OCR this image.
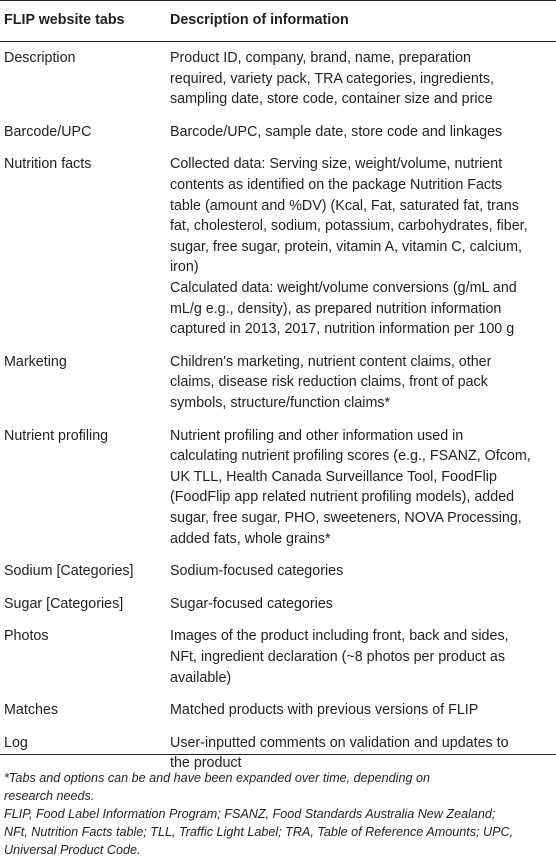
FLIP website tabs	Description of information
Description	Product ID, company, brand, name, preparation
required, variety pack, TRA categories, ingredients,
sampling date, store code, container size and price
Barcode/UPC	Barcode/UPC, sample date, store code and linkages
Nutrition facts	Collected data: Serving size, weight/volume, nutrient
contents as identified on the package Nutrition Facts
table (amount and %DV) (Kcal, Fat, saturated fat, trans
fat, cholesterol, sodium, potassium, carbohydrates, fiber,
sugar, free sugar, protein, vitamin A, vitamin C, calcium,
iron)
Calculated data: weight/volume conversions (g/mL and
mL/g e.g., density), as prepared nutrition information
captured in 2013, 2017, nutrition information per 100 g
Marketing	Children's marketing, nutrient content claims, other
claims, disease risk reduction claims, front of pack
symbols, structure/function claims*
Nutrient profiling	Nutrient profiling and other information used in
calculating nutrient profiling scores (e.g., FSANZ, Ofcom,
UK TLL, Health Canada Surveillance Tool, FoodFlip
(FoodFlip app related nutrient profiling models), added
sugar, free sugar, PHO, sweeteners, NOVA Processing,
added fats, whole grains*
Sodium [Categories]	Sodium-focused categories
Sugar [Categories]	Sugar-focused categories
Photos	Images of the product including front, back and sides,
NFt, ingredient declaration (~8 photos per product as
available)
Matches	Matched products with previous versions of FLIP
Log	User-inputted comments on validation and updates to
the product
*Tabs and options can be and have been expanded over time, depending on
research needs.
FLIP, Food Label Information Program; FSANZ, Food Standards Australia New Zealand;
NFt, Nutrition Facts table; TLL, Traffic Light Label; TRA, Table of Reference Amounts; UPC,
Universal Product Code.
